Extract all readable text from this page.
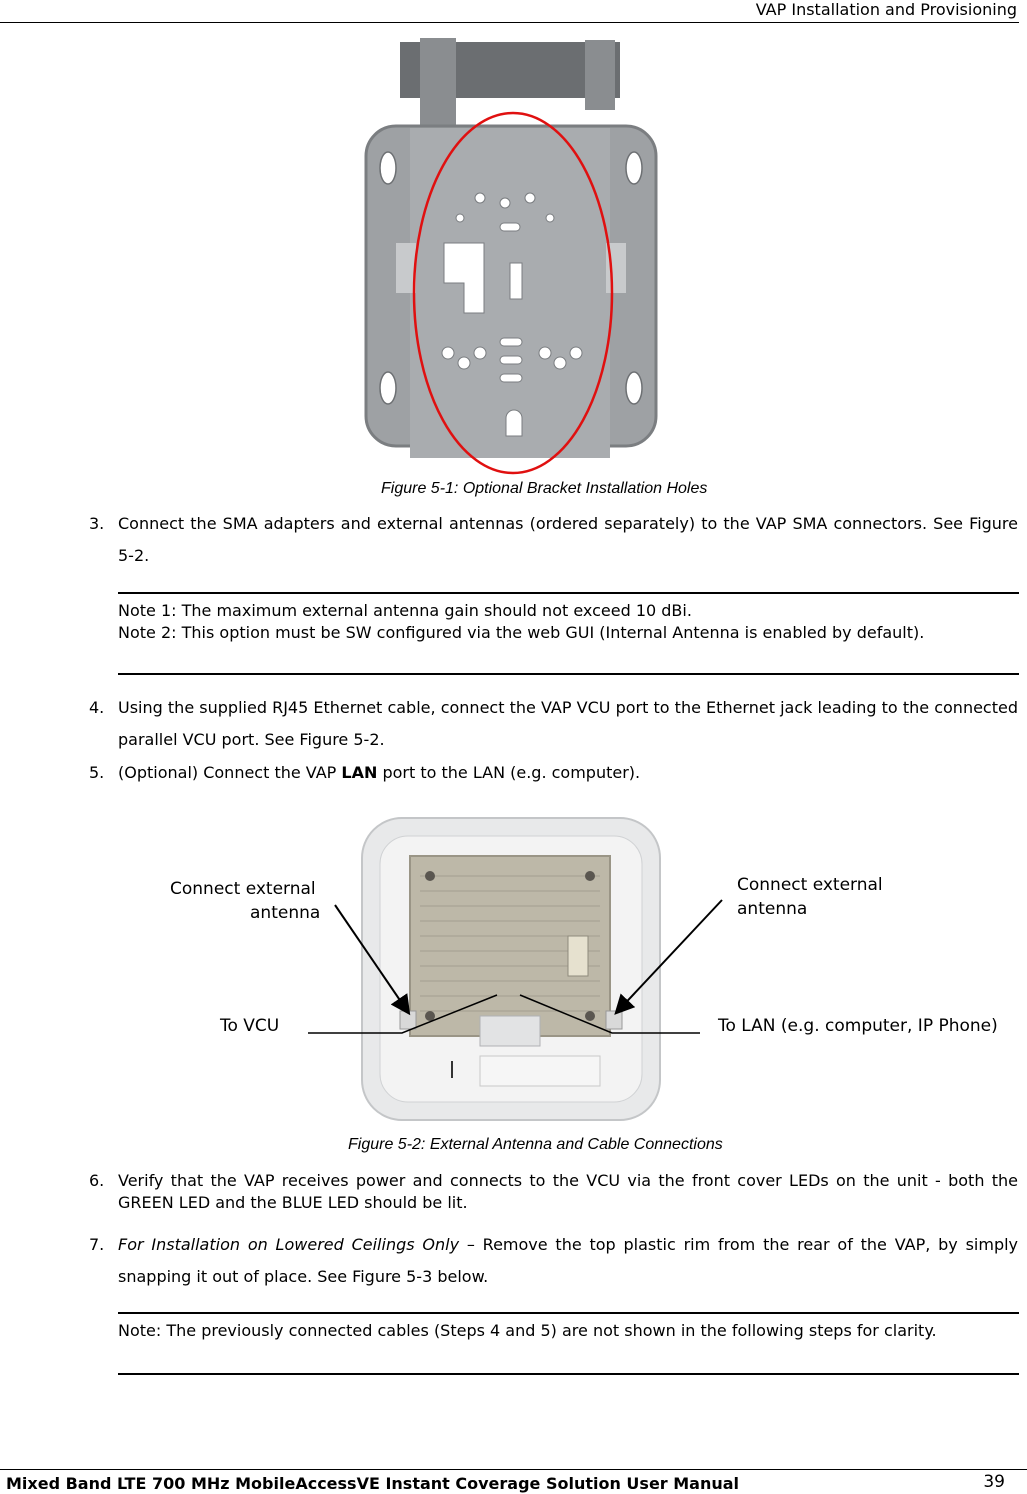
VAP Installation and Provisioning
Figure 5-1: Optional Bracket Installation Holes
3. Connect the SMA adapters and external antennas (ordered separately) to the VAP SMA connectors. See Figure 5-2.
Note 1: The maximum external antenna gain should not exceed 10 dBi.
Note 2: This option must be SW configured via the web GUI (Internal Antenna is enabled by default).
4. Using the supplied RJ45 Ethernet cable, connect the VAP VCU port to the Ethernet jack leading to the connected parallel VCU port. See Figure 5-2.
5. (Optional) Connect the VAP LAN port to the LAN (e.g. computer).
Connect external
antenna
Connect external
antenna
To VCU	To LAN (e.g. computer, IP Phone)
Figure 5-2: External Antenna and Cable Connections
6. Verify that the VAP receives power and connects to the VCU via the front cover LEDs on the unit - both the GREEN LED and the BLUE LED should be lit.
7. For Installation on Lowered Ceilings Only – Remove the top plastic rim from the rear of the VAP, by simply snapping it out of place. See Figure 5-3 below.
Note: The previously connected cables (Steps 4 and 5) are not shown in the following steps for clarity.
Mixed Band LTE 700 MHz MobileAccessVE Instant Coverage Solution User Manual	39
